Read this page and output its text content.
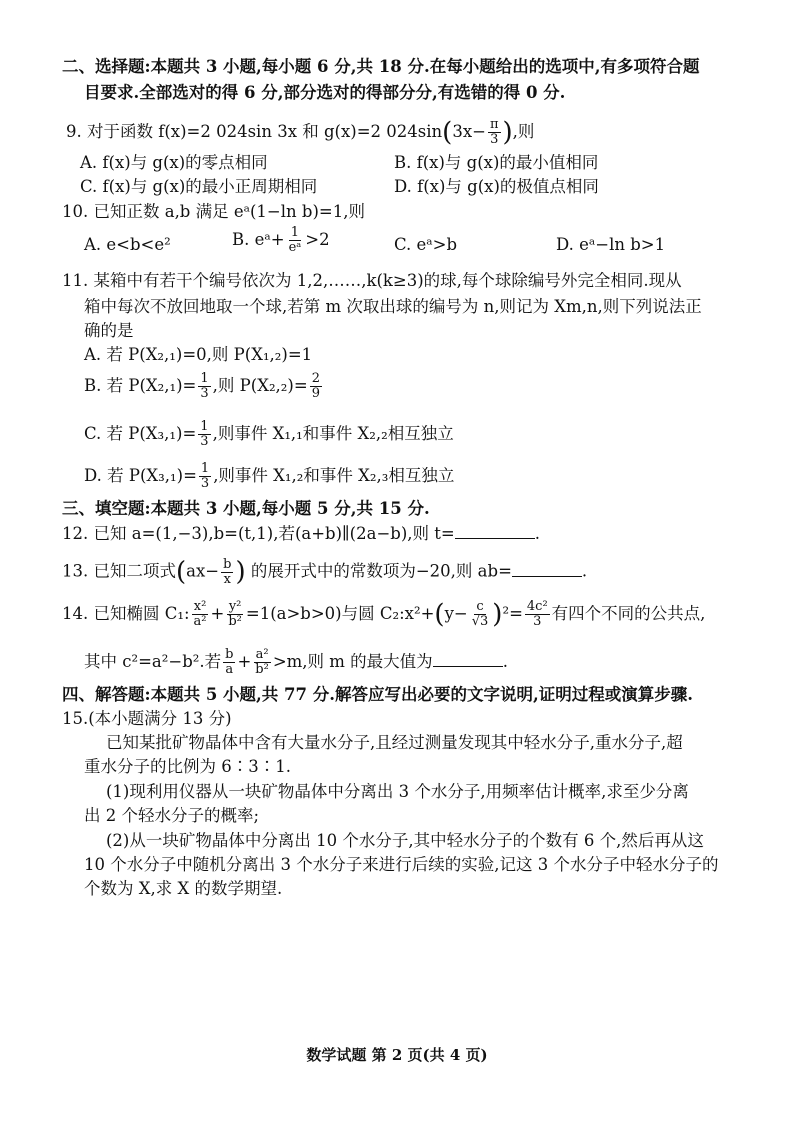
二、选择题:本题共 3 小题,每小题 6 分,共 18 分.在每小题给出的选项中,有多项符合题
目要求.全部选对的得 6 分,部分选对的得部分分,有选错的得 0 分.
9. 对于函数 f(x)=2 024sin 3x 和 g(x)=2 $024\sin(3x- \frac{\pi}{3}$ ),则
A. f(x)与 g(x)的零点相同	B. f(x)与 g(x)的最小值相同
C. f(x)与 g(x)的最小正周期相同	D. f(x)与 g(x)的极值点相同
10. 已知正数 a,b 满足 eᵃ(1−ln b)=1,则
A. e<b<e²	B. eᵃ+ $\frac{1}{\text{eᵃ}} >2$	C. eᵃ>b	D. eᵃ−ln b>1
11. 某箱中有若干个编号依次为 1,2,……,k(k≥3)的球,每个球除编号外完全相同.现从
箱中每次不放回地取一个球,若第 m 次取出球的编号为 n,则记为 Xm,n,则下列说法正
确的是
A. 若 P(X₂,₁)=0,则 P(X₁,₂)=1
B. 若 $P(X_2,_1)= \frac{1}{3}$ ,则 $P(X_2,_2)= \frac{2}{9}$
C. 若 $P(X_3,_1)= \frac{1}{3}$ ,则事件 X₁,₁和事件 X₂,₂相互独立
D. 若 $P(X_3,_1)= \frac{1}{3}$ ,则事件 X₁,₂和事件 X₂,₃相互独立
三、填空题:本题共 3 小题,每小题 5 分,共 15 分.
12. 已知 a=(1,−3),b=(t,1),若(a+b)∥(2a−b),则 t=	.
13. 已知二项式($ax- \frac{b}{x}$ ) 的展开式中的常数项为−20,则 ab=	.
14. 已知椭圆 C₁: $\frac{\text{x²}}{\text{a²}} + \frac{\text{y²}}{\text{b²}} =1(a>b>0)$与圆 C₂:x²+(y− $\frac{c}{√3} )^2= \frac{\text{4c²}}{3}$ 有四个不同的公共点,
其中 c²=a²−b².若 $\frac{b}{a} + \frac{\text{a²}}{\text{b²}} >m$,则 m 的最大值为	.
四、解答题:本题共 5 小题,共 77 分.解答应写出必要的文字说明,证明过程或演算步骤.
15.(本小题满分 13 分)
已知某批矿物晶体中含有大量水分子,且经过测量发现其中轻水分子,重水分子,超
重水分子的比例为 6∶3∶1.
(1)现利用仪器从一块矿物晶体中分离出 3 个水分子,用频率估计概率,求至少分离
出 2 个轻水分子的概率;
(2)从一块矿物晶体中分离出 10 个水分子,其中轻水分子的个数有 6 个,然后再从这
10 个水分子中随机分离出 3 个水分子来进行后续的实验,记这 3 个水分子中轻水分子的
个数为 X,求 X 的数学期望.
数学试题 第 2 页(共 4 页)
